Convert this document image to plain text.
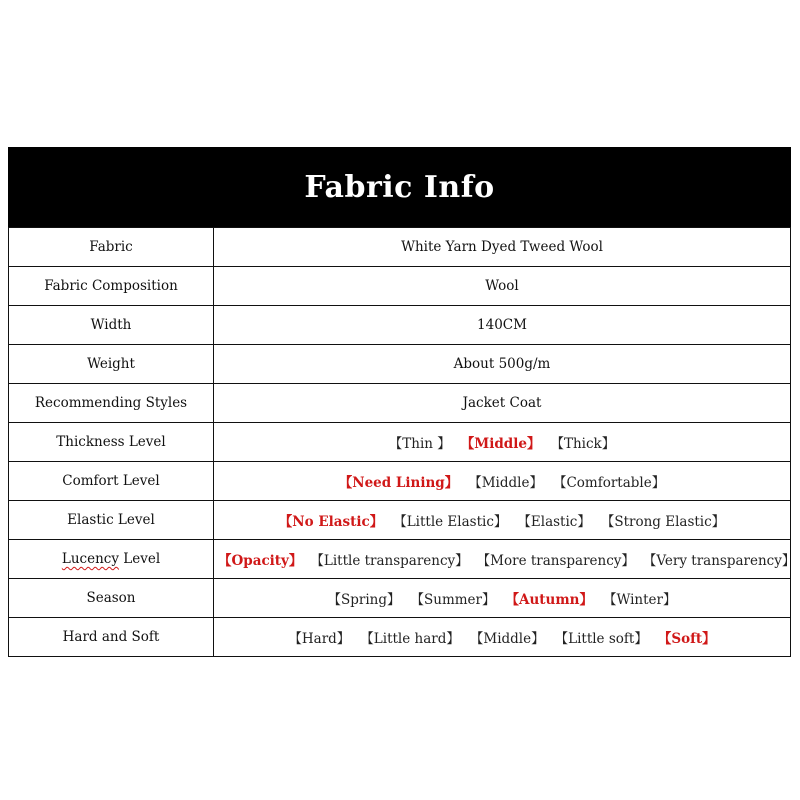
Fabric Info
Fabric	White Yarn Dyed Tweed Wool
Fabric Composition	Wool
Width	140CM
Weight	About 500g/m
Recommending Styles	Jacket Coat
Thickness Level	【Thin 】 【Middle】 【Thick】

Comfort Level	【Need Lining】 【Middle】 【Comfortable】

Elastic Level	【No Elastic】 【Little Elastic】 【Elastic】 【Strong Elastic】

Lucency Level	【Opacity】 【Little transparency】 【More transparency】 【Very transparency】

Season	【Spring】 【Summer】 【Autumn】 【Winter】

Hard and Soft	【Hard】 【Little hard】 【Middle】 【Little soft】 【Soft】
